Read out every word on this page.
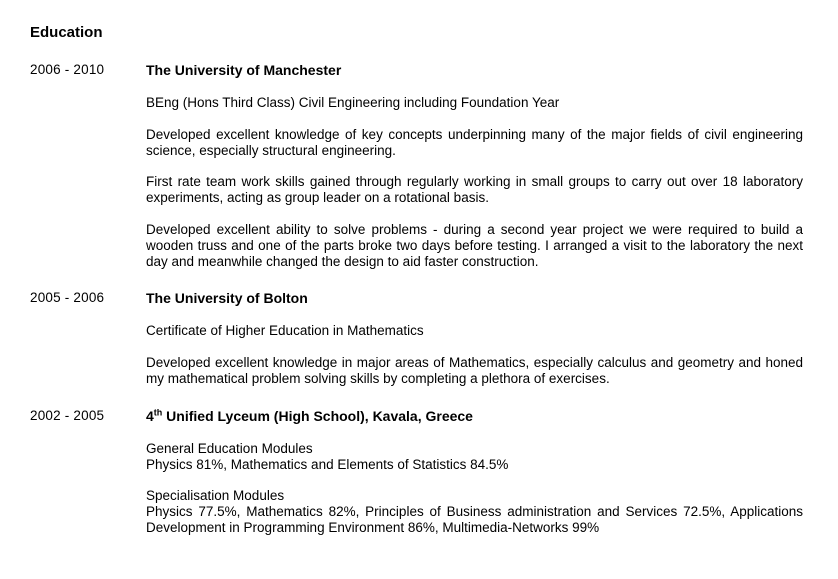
Education
2006 - 2010	The University of Manchester

BEng (Hons Third Class) Civil Engineering including Foundation Year

Developed excellent knowledge of key concepts underpinning many of the major fields of civil engineering science, especially structural engineering.

First rate team work skills gained through regularly working in small groups to carry out over 18 laboratory experiments, acting as group leader on a rotational basis.

Developed excellent ability to solve problems - during a second year project we were required to build a wooden truss and one of the parts broke two days before testing. I arranged a visit to the laboratory the next day and meanwhile changed the design to aid faster construction.

2005 - 2006	The University of Bolton

Certificate of Higher Education in Mathematics

Developed excellent knowledge in major areas of Mathematics, especially calculus and geometry and honed my mathematical problem solving skills by completing a plethora of exercises.

2002 - 2005	4th Unified Lyceum (High School), Kavala, Greece
General Education Modules
Physics 81%, Mathematics and Elements of Statistics 84.5%
Specialisation Modules
Physics 77.5%, Mathematics 82%, Principles of Business administration and Services 72.5%, Applications Development in Programming Environment 86%, Multimedia-Networks 99%
